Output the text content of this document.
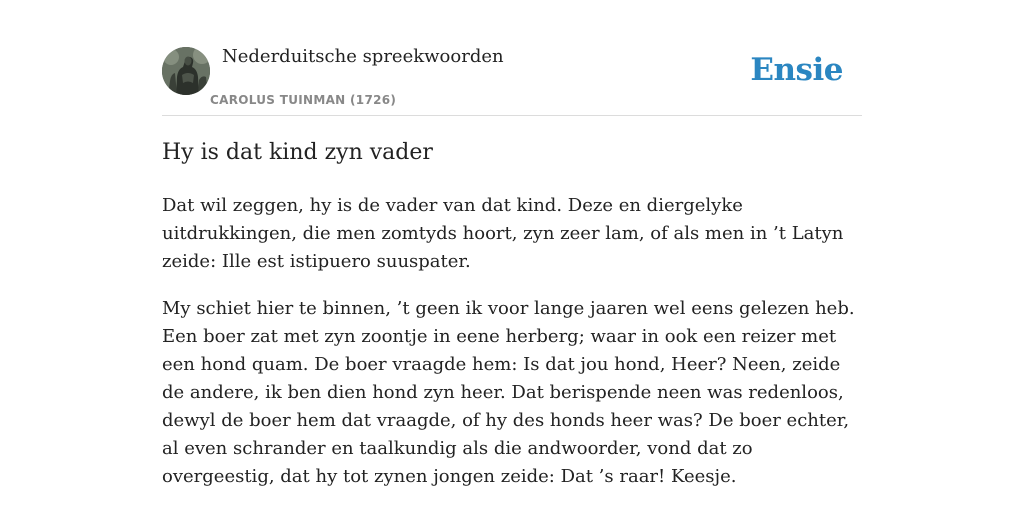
Nederduitsche spreekwoorden
CAROLUS TUINMAN (1726)
Ensie
Hy is dat kind zyn vader

Dat wil zeggen, hy is de vader van dat kind. Deze en diergelyke uitdrukkingen, die men zomtyds hoort, zyn zeer lam, of als men in ’t Latyn zeide: Ille est istipuero suuspater.

My schiet hier te binnen, ’t geen ik voor lange jaaren wel eens gelezen heb. Een boer zat met zyn zoontje in eene herberg; waar in ook een reizer met een hond quam. De boer vraagde hem: Is dat jou hond, Heer? Neen, zeide de andere, ik ben dien hond zyn heer. Dat berispende neen was redenloos, dewyl de boer hem dat vraagde, of hy des honds heer was? De boer echter, al even schrander en taalkundig als die andwoorder, vond dat zo overgeestig, dat hy tot zynen jongen zeide: Dat ’s raar! Keesje.
